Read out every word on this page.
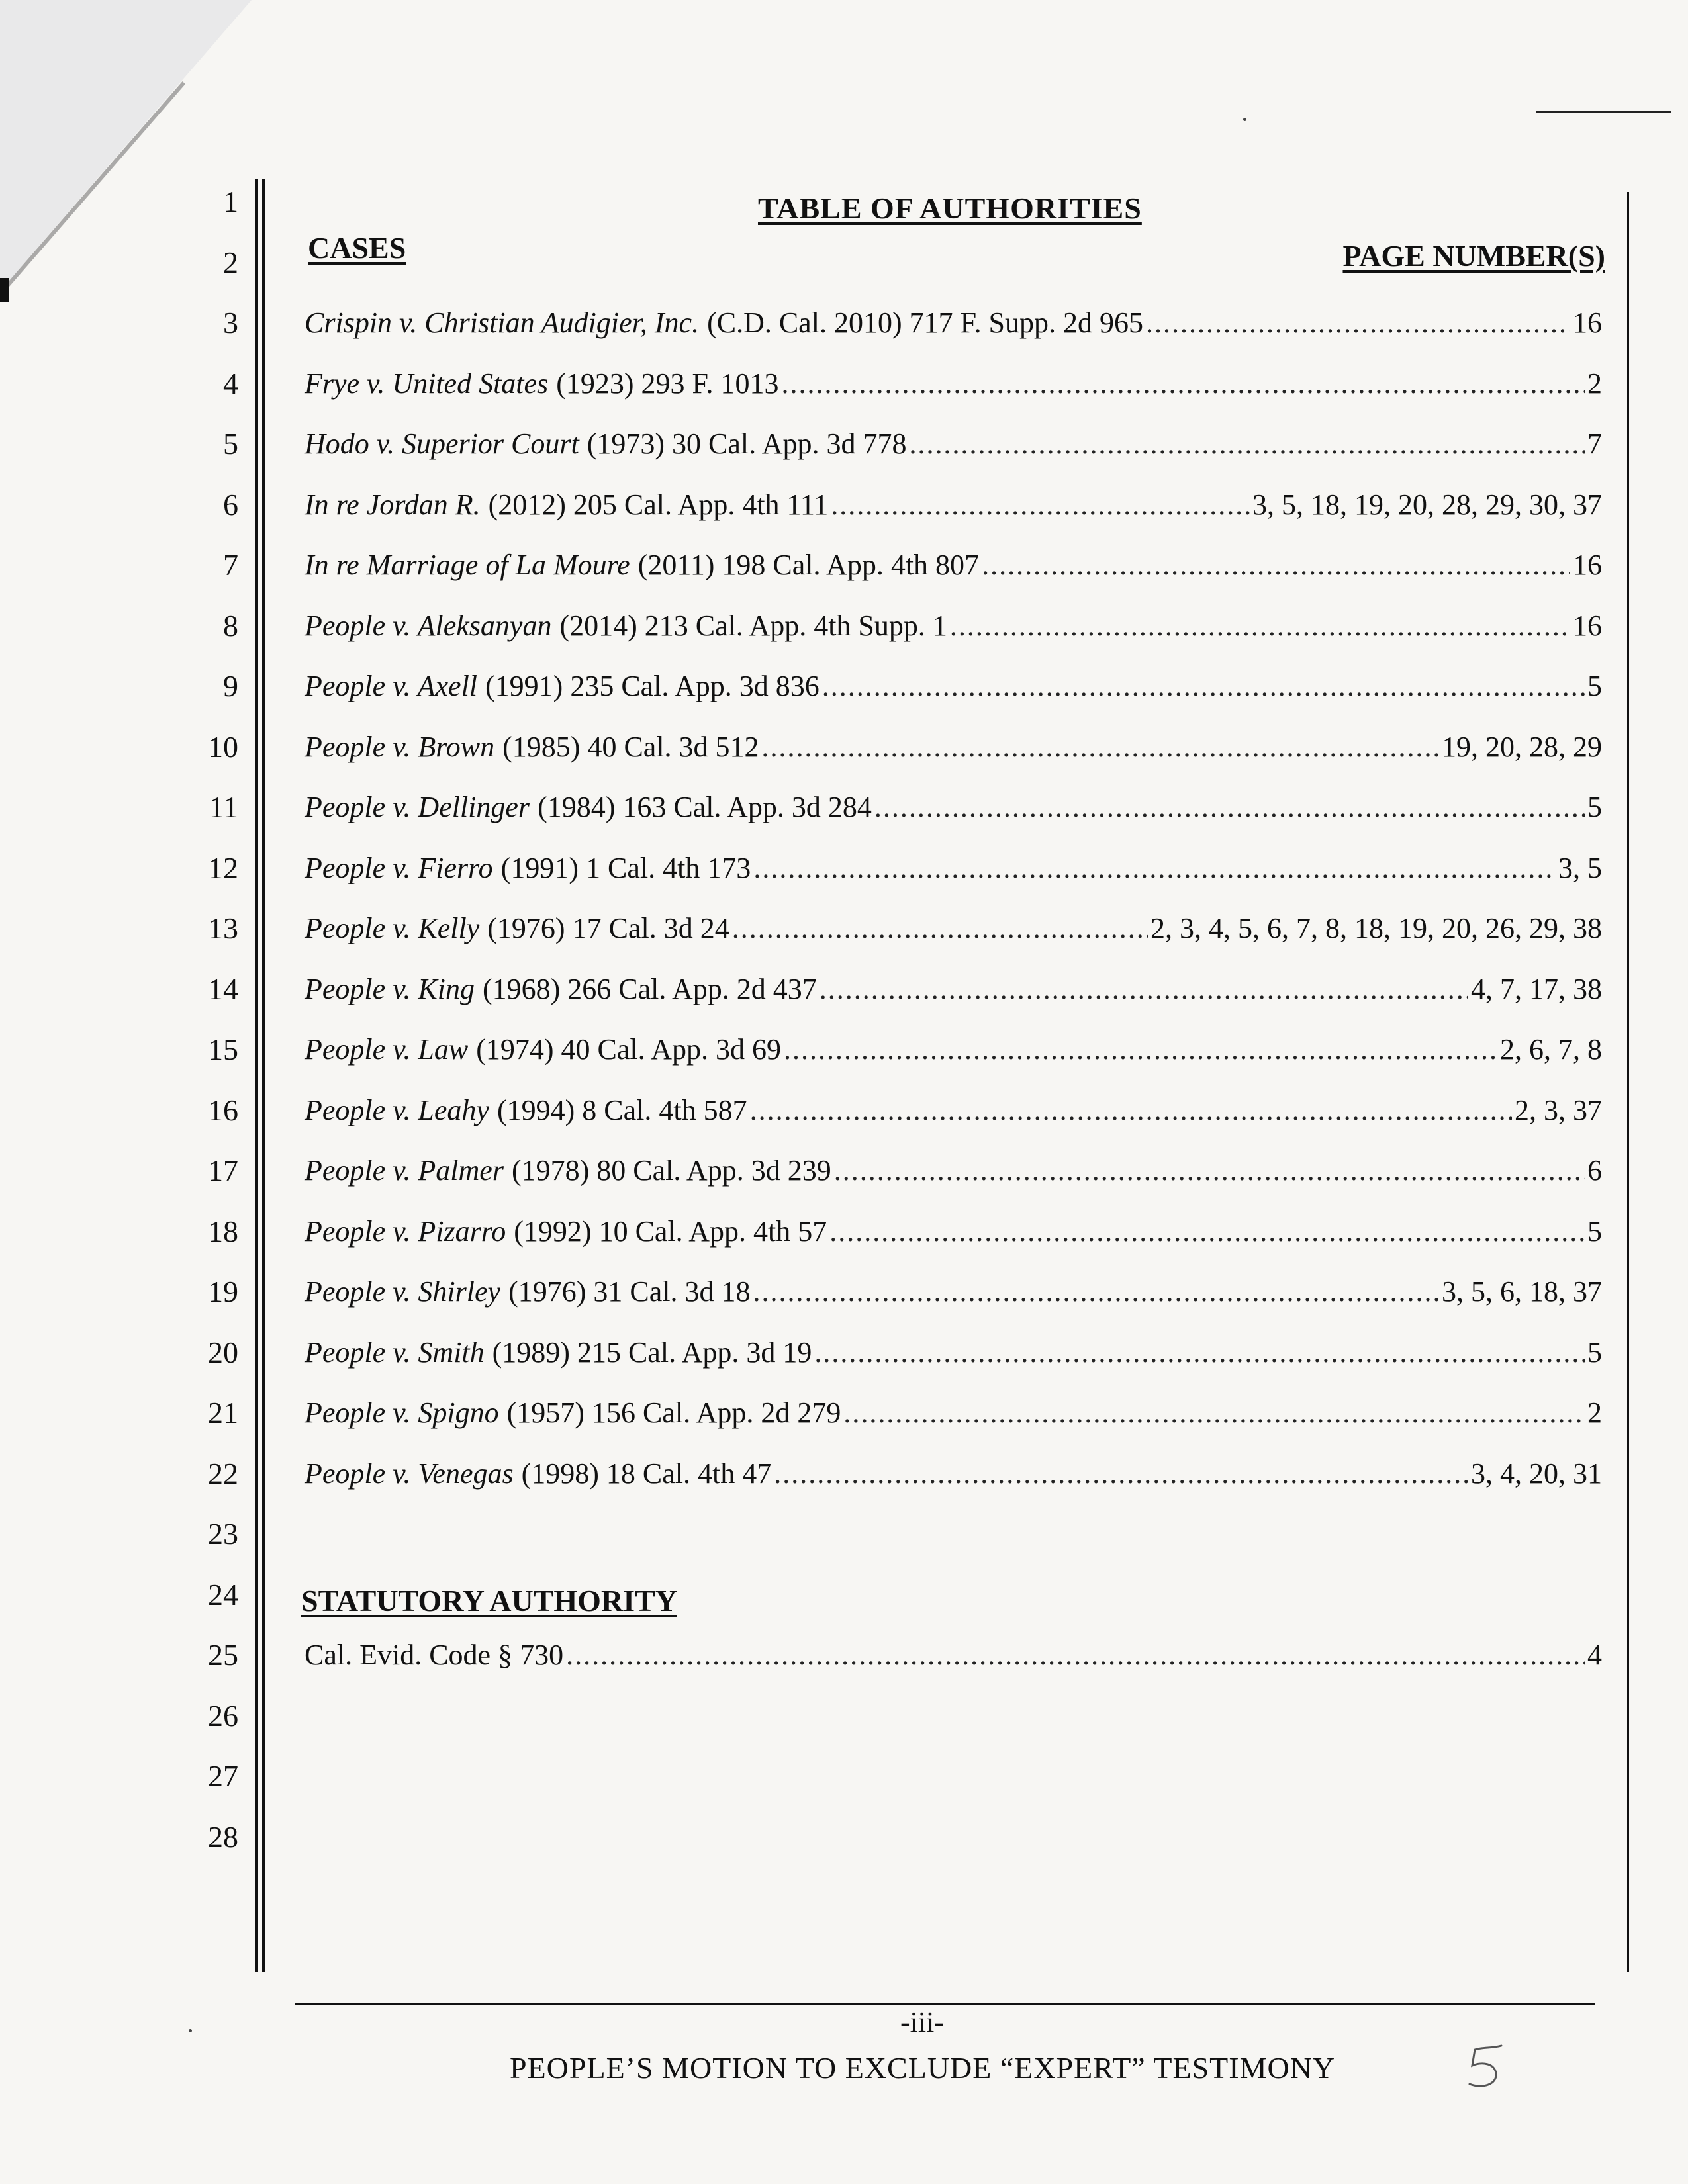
1
2
3
4
5
6
7
8
9
10
11
12
13
14
15
16
17
18
19
20
21
22
23
24
25
26
27
28
TABLE OF AUTHORITIES
CASES	PAGE NUMBER(S)
Crispin v. Christian Audigier, Inc. (C.D. Cal. 2010) 717 F. Supp. 2d 965 .....	16
Frye v. United States (1923) 293 F. 1013 .....	2
Hodo v. Superior Court (1973) 30 Cal. App. 3d 778 .....	7
In re Jordan R. (2012) 205 Cal. App. 4th 111 .....	3, 5, 18, 19, 20, 28, 29, 30, 37
In re Marriage of La Moure (2011) 198 Cal. App. 4th 807 .....	16
People v. Aleksanyan (2014) 213 Cal. App. 4th Supp. 1 .....	16
People v. Axell (1991) 235 Cal. App. 3d 836 .....	5
People v. Brown (1985) 40 Cal. 3d 512 .....	19, 20, 28, 29
People v. Dellinger (1984) 163 Cal. App. 3d 284 .....	5
People v. Fierro (1991) 1 Cal. 4th 173 .....	3, 5
People v. Kelly (1976) 17 Cal. 3d 24 .....	2, 3, 4, 5, 6, 7, 8, 18, 19, 20, 26, 29, 38
People v. King (1968) 266 Cal. App. 2d 437 .....	4, 7, 17, 38
People v. Law (1974) 40 Cal. App. 3d 69 .....	2, 6, 7, 8
People v. Leahy (1994) 8 Cal. 4th 587 .....	2, 3, 37
People v. Palmer (1978) 80 Cal. App. 3d 239 .....	6
People v. Pizarro (1992) 10 Cal. App. 4th 57 .....	5
People v. Shirley (1976) 31 Cal. 3d 18 .....	3, 5, 6, 18, 37
People v. Smith (1989) 215 Cal. App. 3d 19 .....	5
People v. Spigno (1957) 156 Cal. App. 2d 279 .....	2
People v. Venegas (1998) 18 Cal. 4th 47 .....	3, 4, 20, 31
STATUTORY AUTHORITY
Cal. Evid. Code § 730 .....	4
-iii-
PEOPLE’S MOTION TO EXCLUDE “EXPERT” TESTIMONY
